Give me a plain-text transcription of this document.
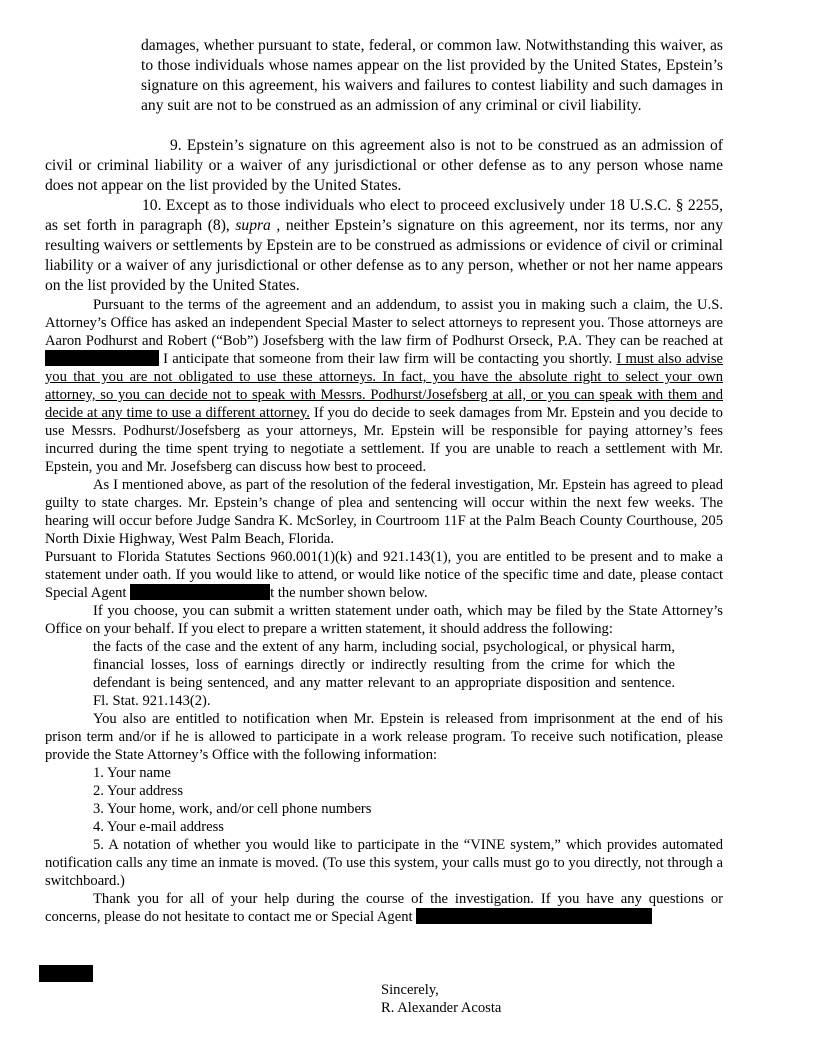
damages, whether pursuant to state, federal, or common law. Notwithstanding this waiver, as to those individuals whose names appear on the list provided by the United States, Epstein’s signature on this agreement, his waivers and failures to contest liability and such damages in any suit are not to be construed as an admission of any criminal or civil liability.

9. Epstein’s signature on this agreement also is not to be construed as an admission of civil or criminal liability or a waiver of any jurisdictional or other defense as to any person whose name does not appear on the list provided by the United States.

10. Except as to those individuals who elect to proceed exclusively under 18 U.S.C. § 2255, as set forth in paragraph (8), supra , neither Epstein’s signature on this agreement, nor its terms, nor any resulting waivers or settlements by Epstein are to be construed as admissions or evidence of civil or criminal liability or a waiver of any jurisdictional or other defense as to any person, whether or not her name appears on the list provided by the United States.

Pursuant to the terms of the agreement and an addendum, to assist you in making such a claim, the U.S. Attorney’s Office has asked an independent Special Master to select attorneys to represent you. Those attorneys are Aaron Podhurst and Robert (“Bob”) Josefsberg with the law firm of Podhurst Orseck, P.A. They can be reached at  I anticipate that someone from their law firm will be contacting you shortly. I must also advise you that you are not obligated to use these attorneys. In fact, you have the absolute right to select your own attorney, so you can decide not to speak with Messrs. Podhurst/Josefsberg at all, or you can speak with them and decide at any time to use a different attorney. If you do decide to seek damages from Mr. Epstein and you decide to use Messrs. Podhurst/Josefsberg as your attorneys, Mr. Epstein will be responsible for paying attorney’s fees incurred during the time spent trying to negotiate a settlement. If you are unable to reach a settlement with Mr. Epstein, you and Mr. Josefsberg can discuss how best to proceed.

As I mentioned above, as part of the resolution of the federal investigation, Mr. Epstein has agreed to plead guilty to state charges. Mr. Epstein’s change of plea and sentencing will occur within the next few weeks. The hearing will occur before Judge Sandra K. McSorley, in Courtroom 11F at the Palm Beach County Courthouse, 205 North Dixie Highway, West Palm Beach, Florida.

Pursuant to Florida Statutes Sections 960.001(1)(k) and 921.143(1), you are entitled to be present and to make a statement under oath. If you would like to attend, or would like notice of the specific time and date, please contact Special Agent	t the number shown below.

If you choose, you can submit a written statement under oath, which may be filed by the State Attorney’s Office on your behalf. If you elect to prepare a written statement, it should address the following:

the facts of the case and the extent of any harm, including social, psychological, or physical harm, financial losses, loss of earnings directly or indirectly resulting from the crime for which the defendant is being sentenced, and any matter relevant to an appropriate disposition and sentence. Fl. Stat. 921.143(2).

You also are entitled to notification when Mr. Epstein is released from imprisonment at the end of his prison term and/or if he is allowed to participate in a work release program. To receive such notification, please provide the State Attorney’s Office with the following information:

1. Your name

2. Your address

3. Your home, work, and/or cell phone numbers

4. Your e-mail address

5. A notation of whether you would like to participate in the “VINE system,” which provides automated notification calls any time an inmate is moved. (To use this system, your calls must go to you directly, not through a switchboard.)

Thank you for all of your help during the course of the investigation. If you have any questions or concerns, please do not hesitate to contact me or Special Agent

Sincerely,
R. Alexander Acosta
